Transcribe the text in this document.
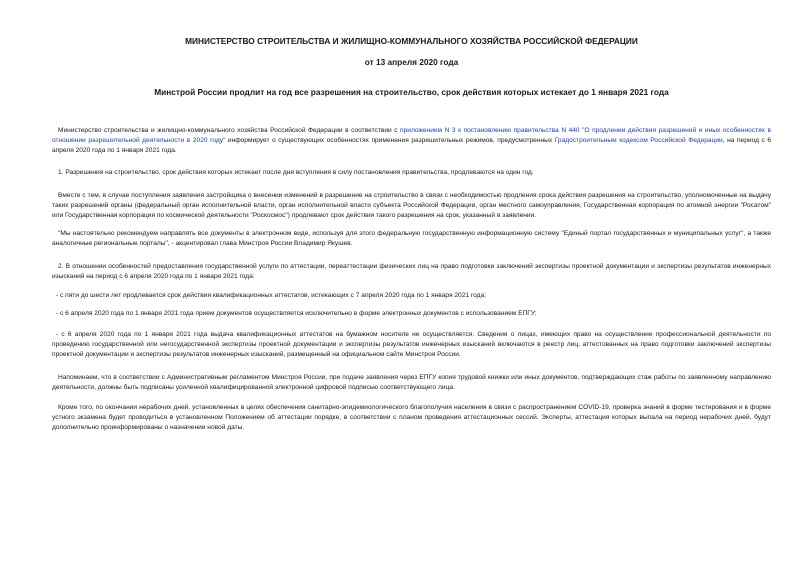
МИНИСТЕРСТВО СТРОИТЕЛЬСТВА И ЖИЛИЩНО-КОММУНАЛЬНОГО ХОЗЯЙСТВА РОССИЙСКОЙ ФЕДЕРАЦИИ
от 13 апреля 2020 года
Минстрой России продлит на год все разрешения на строительство, срок действия которых истекает до 1 января 2021 года
Министерство строительства и жилищно-коммунального хозяйства Российской Федерации в соответствии с приложением N 3 к постановлению правительства N 440 "О продлении действия разрешений и иных особенностях в отношении разрешительной деятельности в 2020 году" информирует о существующих особенностях применения разрешительных режимов, предусмотренных Градостроительным кодексом Российской Федерации, на период с 6 апреля 2020 года по 1 января 2021 года.
1. Разрешения на строительство, срок действия которых истекает после дня вступления в силу постановления правительства, продлеваются на один год.
Вместе с тем, в случае поступления заявления застройщика о внесении изменений в разрешение на строительство в связи с необходимостью продления срока действия разрешения на строительство, уполномоченные на выдачу таких разрешений органы (федеральный орган исполнительной власти, орган исполнительной власти субъекта Российской Федерации, орган местного самоуправления, Государственная корпорация по атомной энергии "Росатом" или Государственная корпорация по космической деятельности "Роскосмос") продлевают срок действия такого разрешения на срок, указанный в заявлении.
"Мы настоятельно рекомендуем направлять все документы в электронном виде, используя для этого федеральную государственную информационную систему "Единый портал государственных и муниципальных услуг", а также аналогичные региональные порталы", - акцентировал глава Минстроя России Владимир Якушев.
2. В отношении особенностей предоставления государственной услуги по аттестации, переаттестации физических лиц на право подготовки заключений экспертизы проектной документации и экспертизы результатов инженерных изысканий на период с 6 апреля 2020 года по 1 января 2021 года:
- с пяти до шести лет продлевается срок действия квалификационных аттестатов, истекающих с 7 апреля 2020 года по 1 января 2021 года;
- с 6 апреля 2020 года по 1 января 2021 года прием документов осуществляется исключительно в форме электронных документов с использованием ЕПГУ;
- с 6 апреля 2020 года по 1 января 2021 года выдача квалификационных аттестатов на бумажном носителе не осуществляется. Сведения о лицах, имеющих право на осуществление профессиональной деятельности по проведению государственной или негосударственной экспертизы проектной документации и экспертизы результатов инженерных изысканий включаются в реестр лиц, аттестованных на право подготовки заключений экспертизы проектной документации и экспертизы результатов инженерных изысканий, размещенный на официальном сайте Минстроя России.
Напоминаем, что в соответствии с Административным регламентом Минстроя России, при подаче заявления через ЕПГУ копия трудовой книжки или иных документов, подтверждающих стаж работы по заявленному направлению деятельности, должны быть подписаны усиленной квалифицированной электронной цифровой подписью соответствующего лица.
Кроме того, по окончании нерабочих дней, установленных в целях обеспечения санитарно-эпидемиологического благополучия населения в связи с распространением COVID-19, проверка знаний в форме тестирования и в форме устного экзамена будет проводиться в установленном Положением об аттестации порядке, в соответствии с планом проведения аттестационных сессий. Эксперты, аттестация которых выпала на период нерабочих дней, будут дополнительно проинформированы о назначении новой даты.
